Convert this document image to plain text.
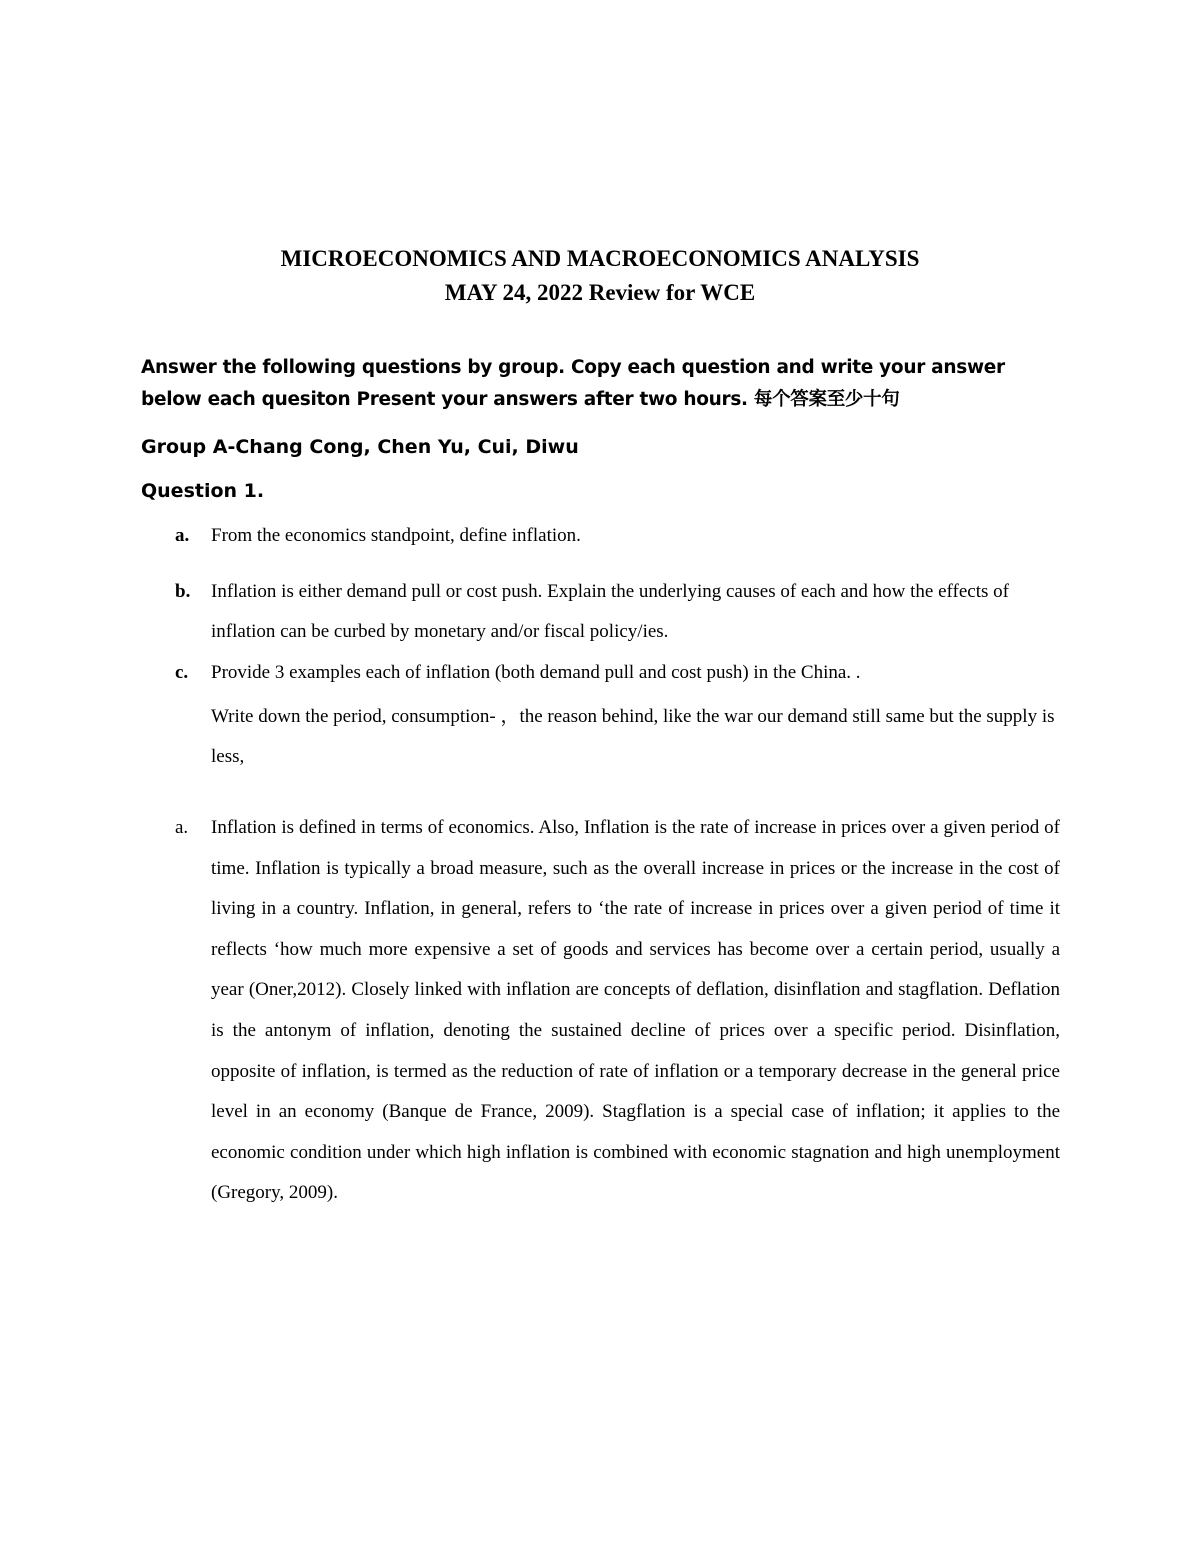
MICROECONOMICS AND MACROECONOMICS ANALYSIS
MAY 24, 2022 Review for WCE
Answer the following questions by group. Copy each question and write your answer below each quesiton Present your answers after two hours. 每个答案至少十句
Group A-Chang Cong, Chen Yu, Cui, Diwu
Question 1.
a.	From the economics standpoint, define inflation.
b.	Inflation is either demand pull or cost push. Explain the underlying causes of each and how the effects of inflation can be curbed by monetary and/or fiscal policy/ies.
c.	Provide 3 examples each of inflation (both demand pull and cost push) in the China. .
Write down the period, consumption- ，the reason behind, like the war our demand still same but the supply is less,
a.	Inflation is defined in terms of economics. Also, Inflation is the rate of increase in prices over a given period of time. Inflation is typically a broad measure, such as the overall increase in prices or the increase in the cost of living in a country. Inflation, in general, refers to ‘the rate of increase in prices over a given period of time it reflects ‘how much more expensive a set of goods and services has become over a certain period, usually a year (Oner,2012). Closely linked with inflation are concepts of deflation, disinflation and stagflation. Deflation is the antonym of inflation, denoting the sustained decline of prices over a specific period. Disinflation, opposite of inflation, is termed as the reduction of rate of inflation or a temporary decrease in the general price level in an economy (Banque de France, 2009). Stagflation is a special case of inflation; it applies to the economic condition under which high inflation is combined with economic stagnation and high unemployment (Gregory, 2009).
